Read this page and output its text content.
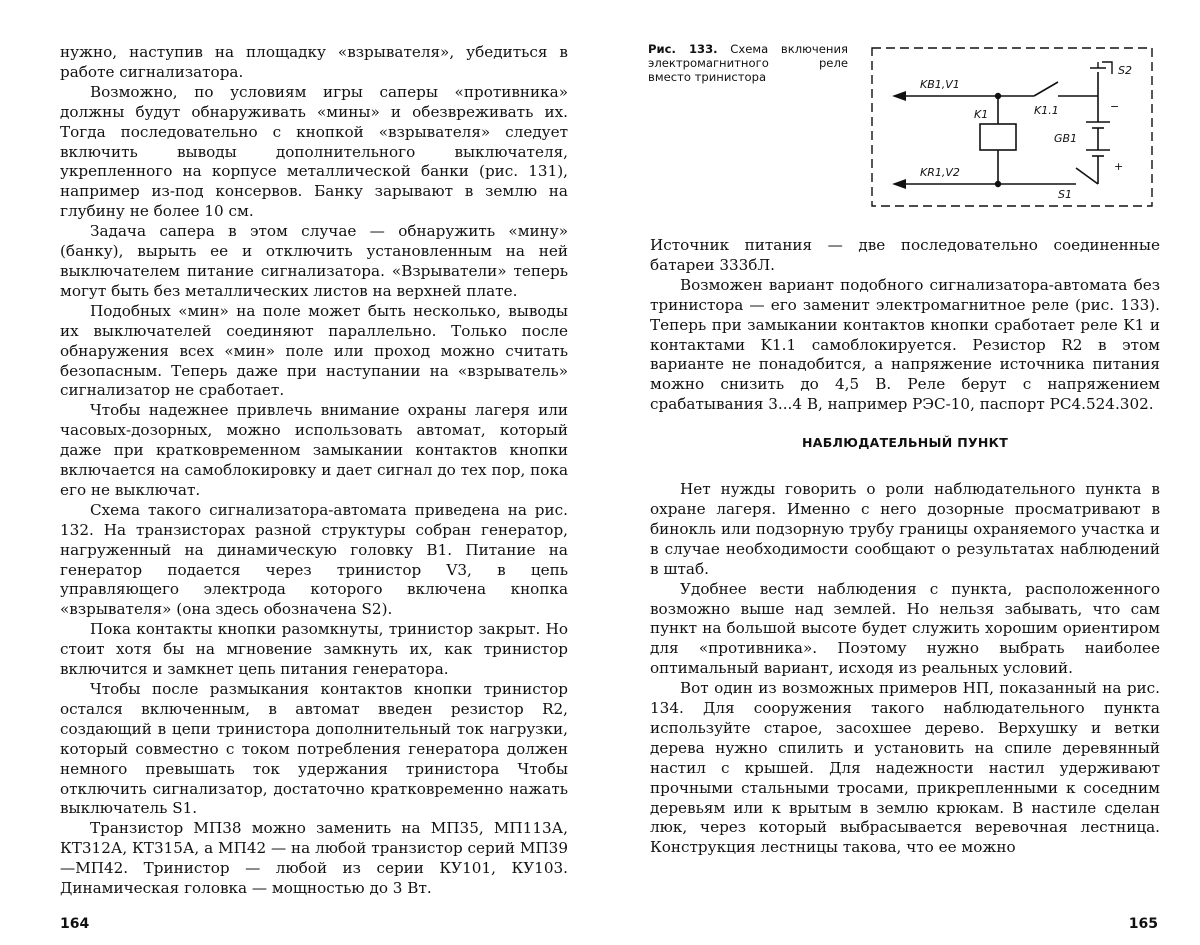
нужно, наступив на площадку «взрывателя», убедиться в работе сигнализатора.

Возможно, по условиям игры саперы «противника» должны будут обнаруживать «мины» и обезвреживать их. Тогда последовательно с кнопкой «взрывателя» следует включить выводы дополнительного выключателя, укрепленного на корпусе металлической банки (рис. 131), например из-под консервов. Банку зарывают в землю на глубину не более 10 см.

Задача сапера в этом случае — обнаружить «мину» (банку), вырыть ее и отключить установленным на ней выключателем питание сигнализатора. «Взрыватели» теперь могут быть без металлических листов на верхней плате.

Подобных «мин» на поле может быть несколько, выводы их выключателей соединяют параллельно. Только после обнаружения всех «мин» поле или проход можно считать безопасным. Теперь даже при наступании на «взрыватель» сигнализатор не сработает.

Чтобы надежнее привлечь внимание охраны лагеря или часовых-дозорных, можно использовать автомат, который даже при кратковременном замыкании контактов кнопки включается на самоблокировку и дает сигнал до тех пор, пока его не выключат.

Схема такого сигнализатора-автомата приведена на рис. 132. На транзисторах разной структуры собран генератор, нагруженный на динамическую головку B1. Питание на генератор подается через тринистор V3, в цепь управляющего электрода которого включена кнопка «взрывателя» (она здесь обозначена S2).

Пока контакты кнопки разомкнуты, тринистор закрыт. Но стоит хотя бы на мгновение замкнуть их, как тринистор включится и замкнет цепь питания генератора.

Чтобы после размыкания контактов кнопки тринистор остался включенным, в автомат введен резистор R2, создающий в цепи тринистора дополнительный ток нагрузки, который совместно с током потребления генератора должен немного превышать ток удержания тринистора Чтобы отключить сигнализатор, достаточно кратковременно нажать выключатель S1.

Транзистор МП38 можно заменить на МП35, МП113А, КТ312А, КТ315А, а МП42 — на любой транзистор серий МП39—МП42. Тринистор — любой из серии КУ101, КУ103. Динамическая головка — мощностью до 3 Вт.

164
Рис. 133. Схема включения электромагнитного реле вместо тринистора
KB1,V1
S2
K1.1	−
K1
GB1
+
KR1,V2
S1

Источник питания — две последовательно соединенные батареи 333бЛ.

Возможен вариант подобного сигнализатора-автомата без тринистора — его заменит электромагнитное реле (рис. 133). Теперь при замыкании контактов кнопки сработает реле K1 и контактами K1.1 самоблокируется. Резистор R2 в этом варианте не понадобится, а напряжение источника питания можно снизить до 4,5 В. Реле берут с напряжением срабатывания 3...4 В, например РЭС-10, паспорт РС4.524.302.

НАБЛЮДАТЕЛЬНЫЙ ПУНКТ

Нет нужды говорить о роли наблюдательного пункта в охране лагеря. Именно с него дозорные просматривают в бинокль или подзорную трубу границы охраняемого участка и в случае необходимости сообщают о результатах наблюдений в штаб.

Удобнее вести наблюдения с пункта, расположенного возможно выше над землей. Но нельзя забывать, что сам пункт на большой высоте будет служить хорошим ориентиром для «противника». Поэтому нужно выбрать наиболее оптимальный вариант, исходя из реальных условий.

Вот один из возможных примеров НП, показанный на рис. 134. Для сооружения такого наблюдательного пункта используйте старое, засохшее дерево. Верхушку и ветки дерева нужно спилить и установить на спиле деревянный настил с крышей. Для надежности настил удерживают прочными стальными тросами, прикрепленными к соседним деревьям или к врытым в землю крюкам. В настиле сделан люк, через который выбрасывается веревочная лестница. Конструкция лестницы такова, что ее можно

165
